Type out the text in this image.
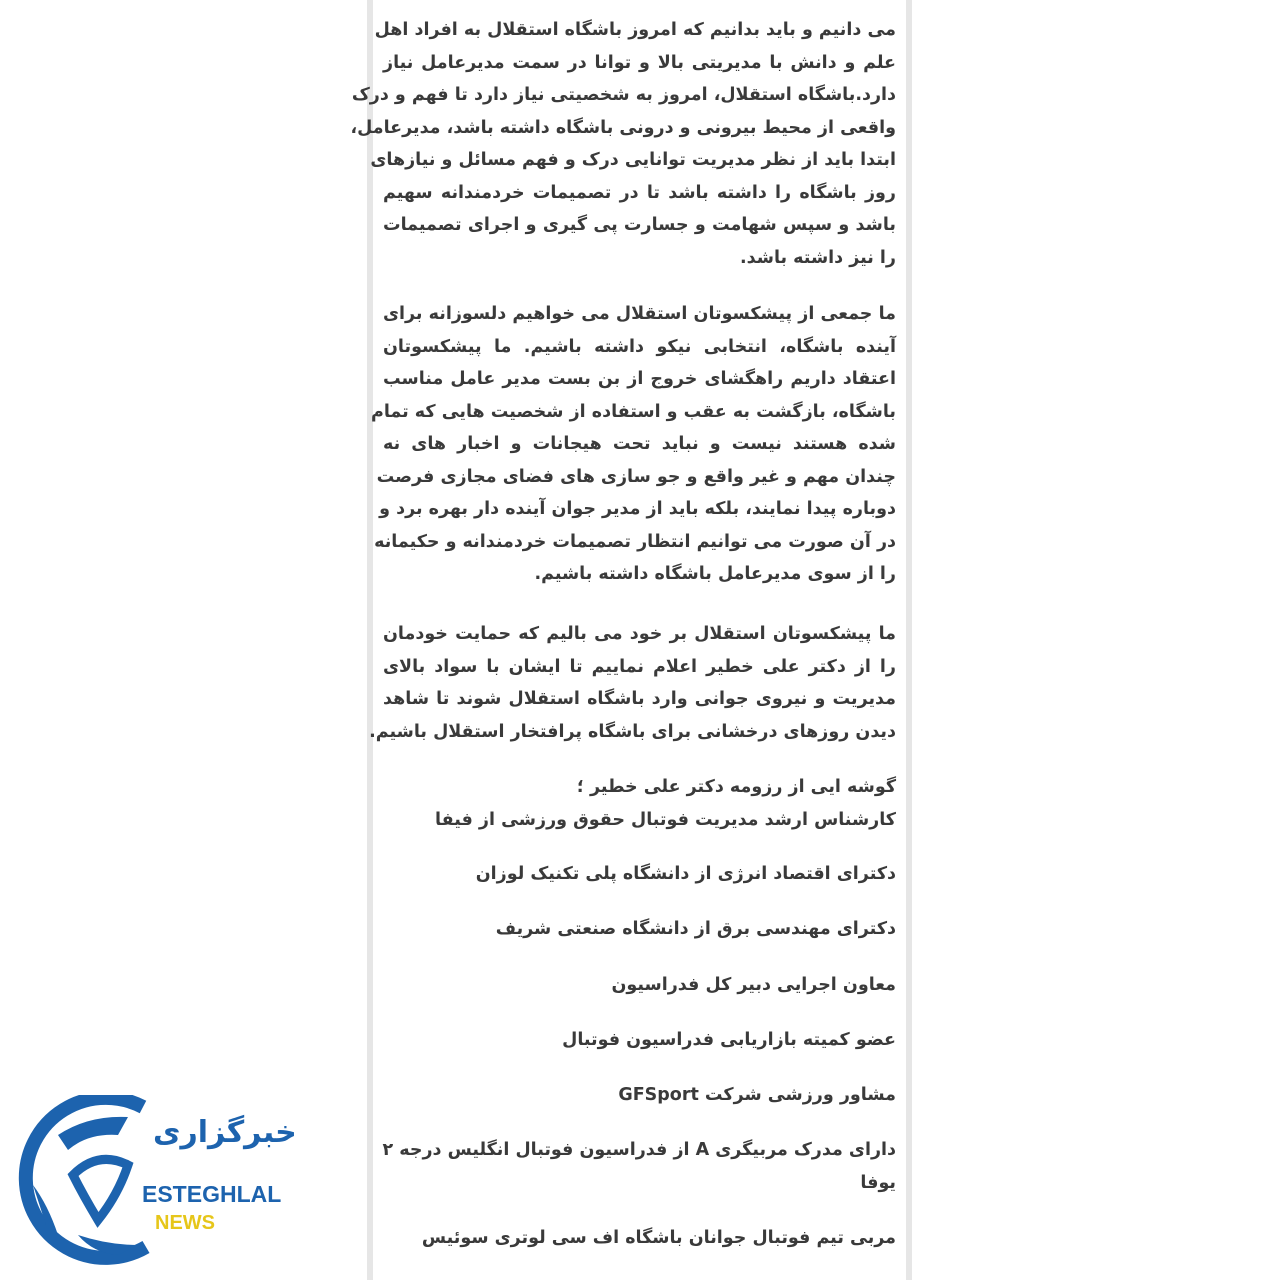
می دانیم و باید بدانیم که امروز باشگاه استقلال به افراد اهل
علم و دانش با مدیریتی بالا و توانا در سمت مدیرعامل نیاز
دارد.باشگاه استقلال، امروز به شخصیتی نیاز دارد تا فهم و درک
واقعی از محیط بیرونی و درونی باشگاه داشته باشد، مدیرعامل،
ابتدا باید از نظر مدیریت توانایی درک و فهم مسائل و نیازهای
روز باشگاه را داشته باشد تا در تصمیمات خردمندانه سهیم
باشد و سپس شهامت و جسارت پی گیری و اجرای تصمیمات
را نیز داشته باشد.
ما جمعی از پیشکسوتان استقلال می خواهیم دلسوزانه برای
آینده باشگاه، انتخابی نیکو داشته باشیم. ما پیشکسوتان
اعتقاد داریم راهگشای خروج از بن بست مدیر عامل مناسب
باشگاه، بازگشت به عقب و استفاده از شخصیت هایی که تمام
شده هستند نیست و نباید تحت هیجانات و اخبار های نه
چندان مهم و غیر واقع و جو سازی های فضای مجازی فرصت
دوباره پیدا نمایند، بلکه باید از مدیر جوان آینده دار بهره برد و
در آن صورت می توانیم انتظار تصمیمات خردمندانه و حکیمانه
را از سوی مدیرعامل باشگاه داشته باشیم.
ما پیشکسوتان استقلال بر خود می بالیم که حمایت خودمان
را از دکتر علی خطیر اعلام نماییم تا ایشان با سواد بالای
مدیریت و نیروی جوانی وارد باشگاه استقلال شوند تا شاهد
دیدن روزهای درخشانی برای باشگاه پرافتخار استقلال باشیم.
گوشه ایی از رزومه دکتر علی خطیر ؛
کارشناس ارشد مدیریت فوتبال حقوق ورزشی از فیفا
دکترای اقتصاد انرژی از دانشگاه پلی تکنیک لوزان
دکترای مهندسی برق از دانشگاه صنعتی شریف
معاون اجرایی دبیر کل فدراسیون
عضو کمیته بازاریابی فدراسیون فوتبال
مشاور ورزشی شرکت GFSport
دارای مدرک مربیگری A از فدراسیون فوتبال انگلیس درجه ۲
یوفا
مربی تیم فوتبال جوانان باشگاه اف سی لوتری سوئیس
خبرگزاری
ESTEGHLAL
NEWS
